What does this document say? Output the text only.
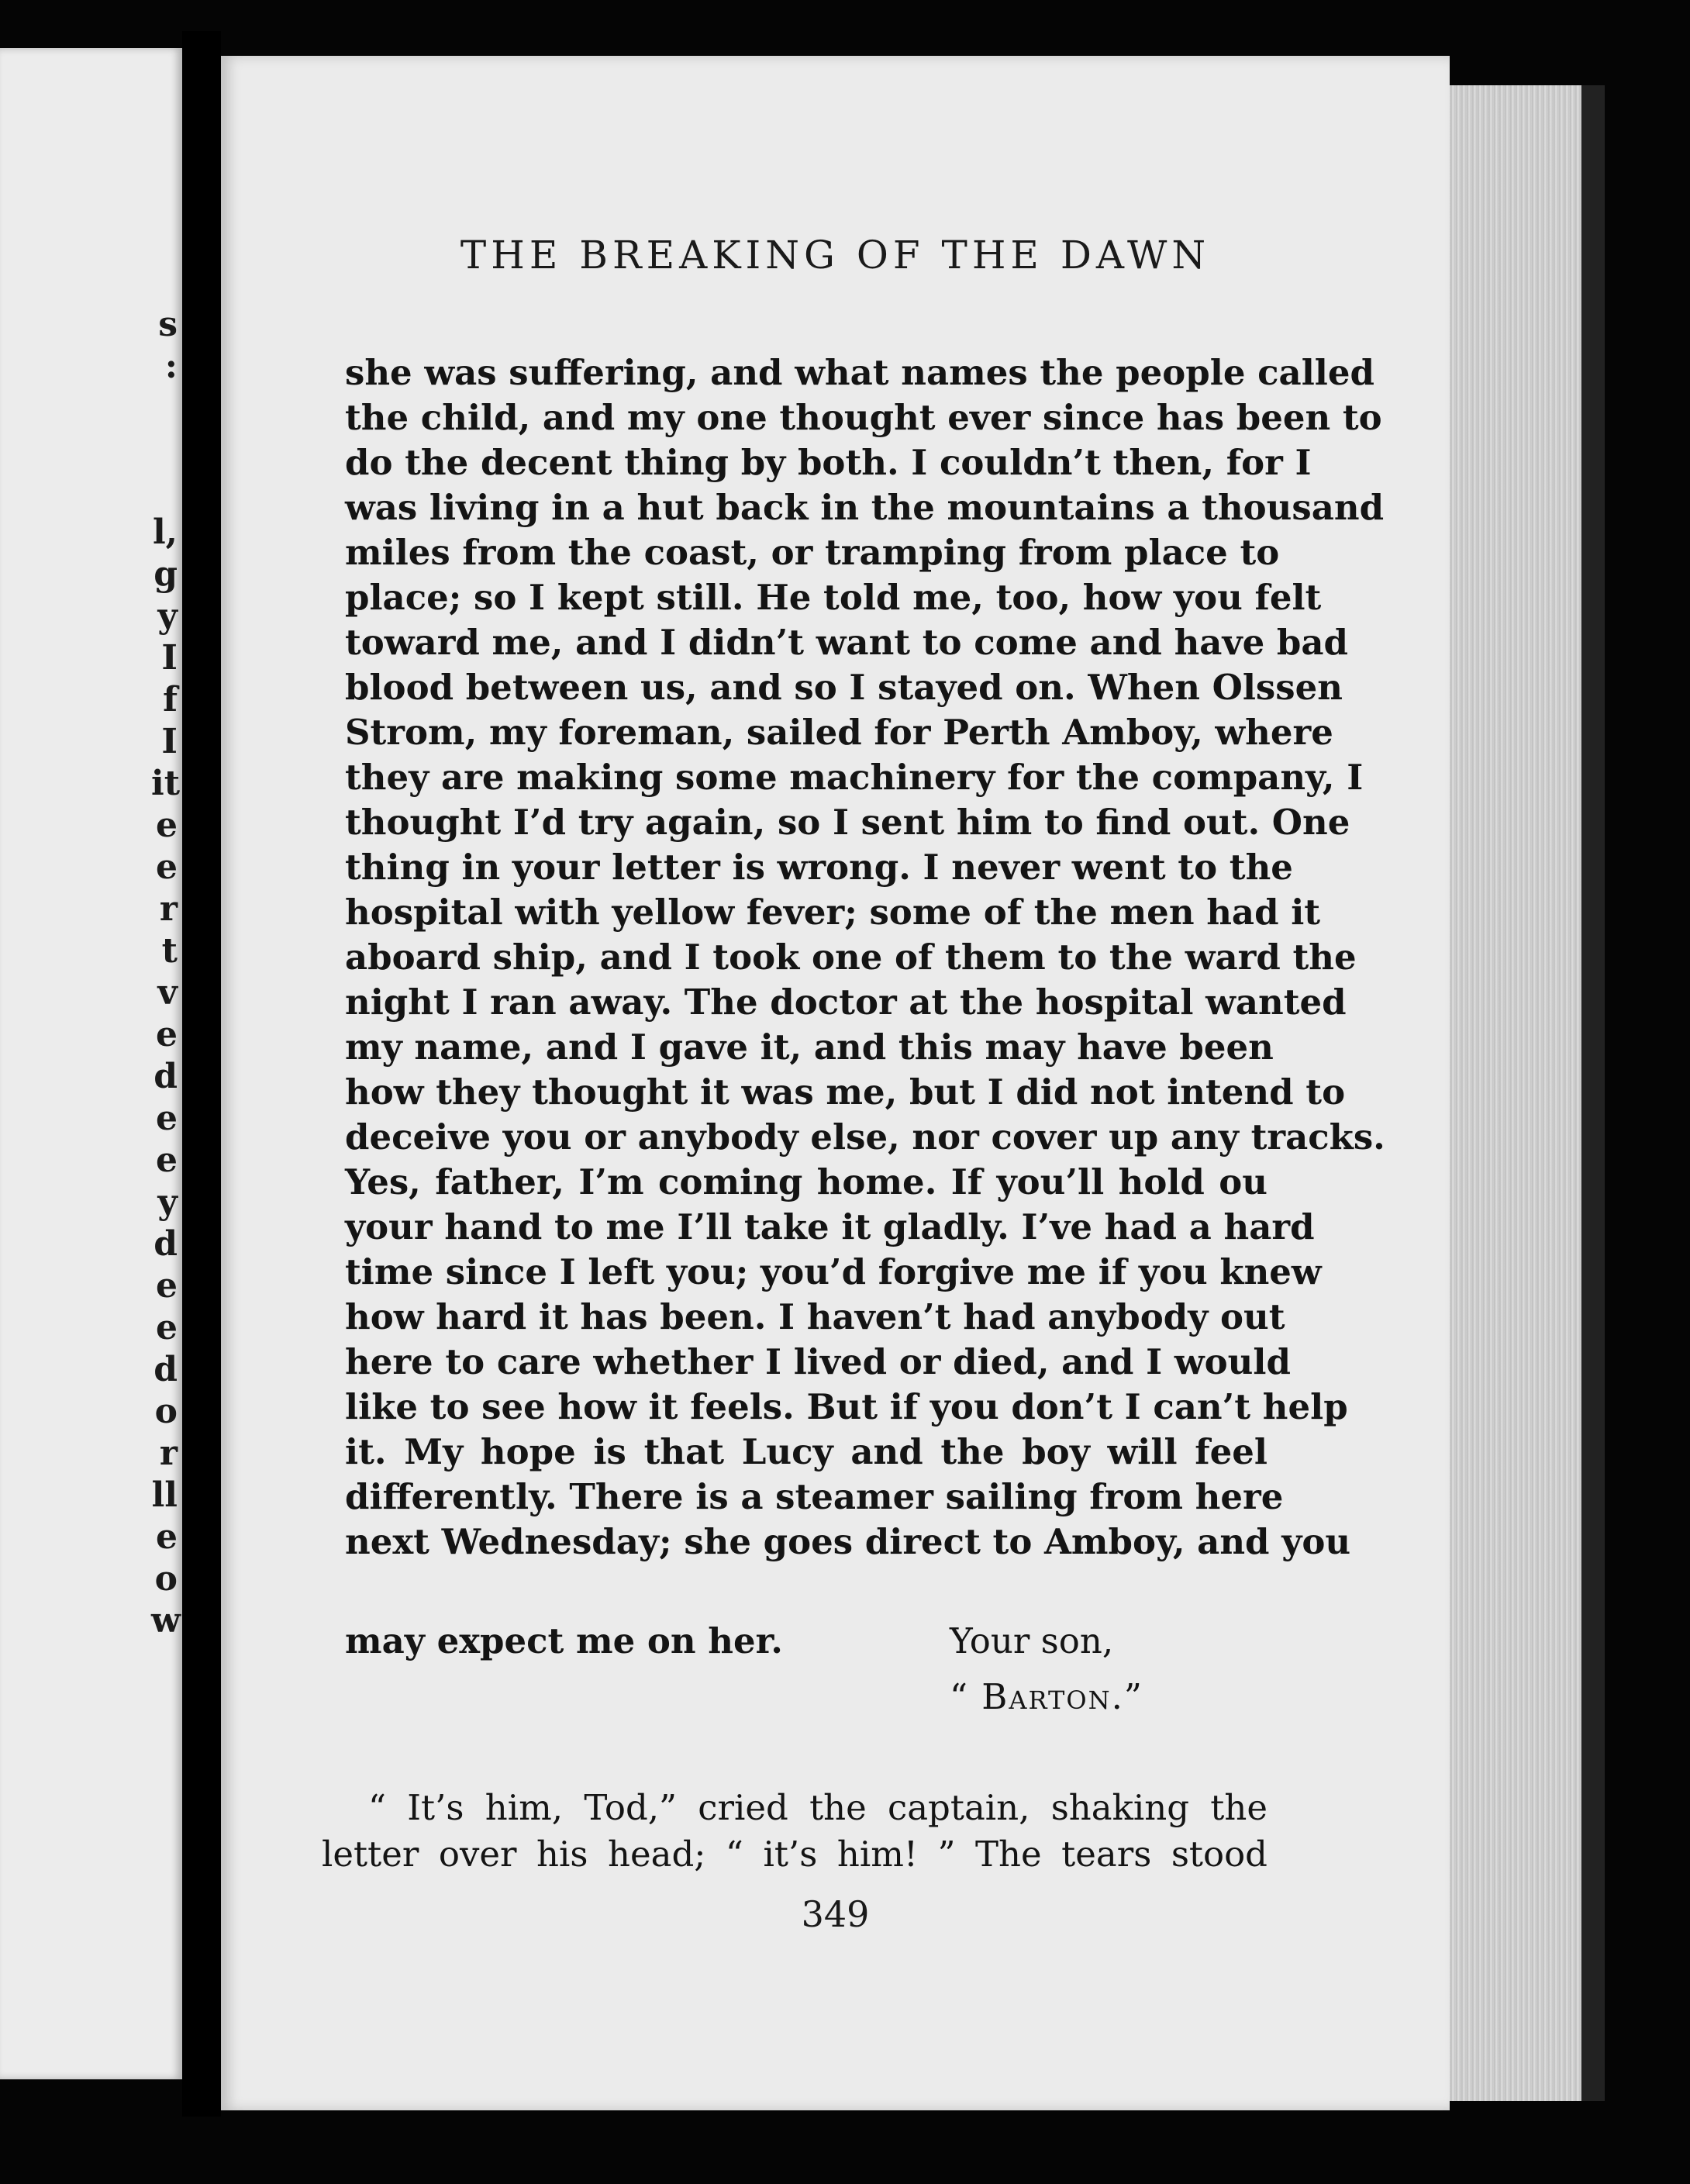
s
:
l,
g
y
I
f
I
it
e
e
r
t
v
e
d
e
e
y
d
e
e
d
o
r
ll
e
o
w
THE BREAKING OF THE DAWN
she was suffering, and what names the people called
the child, and my one thought ever since has been to
do the decent thing by both. I couldn’t then, for I
was living in a hut back in the mountains a thousand
miles from the coast, or tramping from place to
place; so I kept still. He told me, too, how you felt
toward me, and I didn’t want to come and have bad
blood between us, and so I stayed on. When Olssen
Strom, my foreman, sailed for Perth Amboy, where
they are making some machinery for the company, I
thought I’d try again, so I sent him to find out. One
thing in your letter is wrong. I never went to the
hospital with yellow fever; some of the men had it
aboard ship, and I took one of them to the ward the
night I ran away. The doctor at the hospital wanted
my name, and I gave it, and this may have been
how they thought it was me, but I did not intend to
deceive you or anybody else, nor cover up any tracks.
Yes, father, I’m coming home. If you’ll hold ou
your hand to me I’ll take it gladly. I’ve had a hard
time since I left you; you’d forgive me if you knew
how hard it has been. I haven’t had anybody out
here to care whether I lived or died, and I would
like to see how it feels. But if you don’t I can’t help
it. My hope is that Lucy and the boy will feel
differently. There is a steamer sailing from here
next Wednesday; she goes direct to Amboy, and you
may expect me on her.	Your son,
“ Barton.”
“ It’s him, Tod,” cried the captain, shaking the
letter over his head; “ it’s him! ” The tears stood
349
